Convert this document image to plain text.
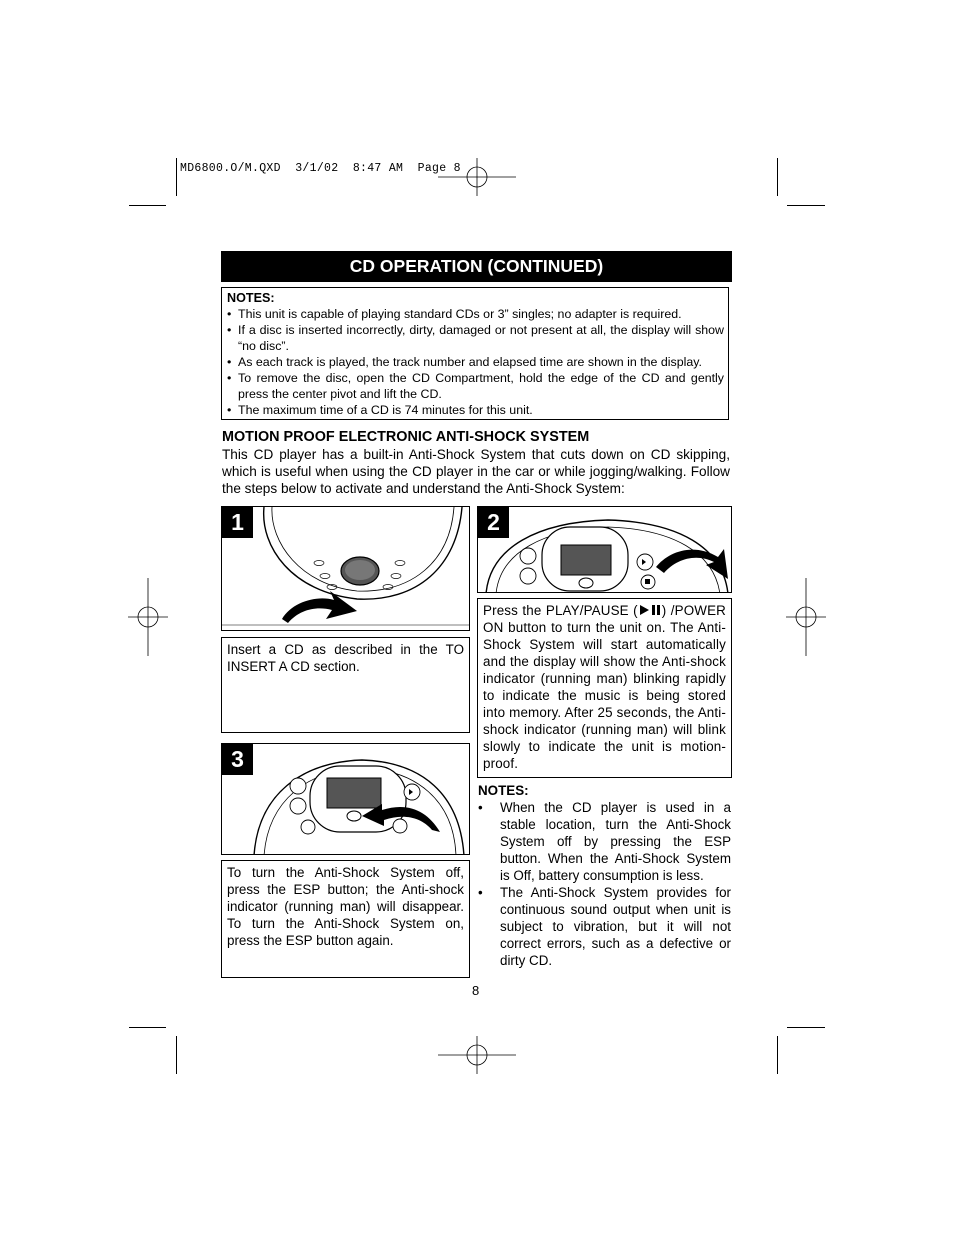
MD6800.O/M.QXD  3/1/02  8:47 AM  Page 8
CD OPERATION (CONTINUED)
NOTES:
• This unit is capable of playing standard CDs or 3” singles; no adapter is required.
• If a disc is inserted incorrectly, dirty, damaged or not present at all, the display will show “no disc”.
• As each track is played, the track number and elapsed time are shown in the display.
• To remove the disc, open the CD Compartment, hold the edge of the CD and gently press the center pivot and lift the CD.
• The maximum time of a CD is 74 minutes for this unit.
MOTION PROOF ELECTRONIC ANTI-SHOCK SYSTEM
This CD player has a built-in Anti-Shock System that cuts down on CD skipping, which is useful when using the CD player in the car or while jogging/walking. Follow the steps below to activate and understand the Anti-Shock System:
1
Insert a CD as described in the TO INSERT A CD section.
2
Press the PLAY/PAUSE ( ) /POWER ON button to turn the unit on. The Anti-Shock System will start automatically and the display will show the Anti-shock indicator (running man) blinking rapidly to indicate the music is being stored into memory. After 25 seconds, the Anti-shock indicator (running man) will blink slowly to indicate the unit is motion-proof.
3
To turn the Anti-Shock System off, press the ESP button; the Anti-shock indicator (running man) will disappear. To turn the Anti-Shock System on, press the ESP button again.
NOTES:
• When the CD player is used in a stable location, turn the Anti-Shock System off by pressing the ESP button. When the Anti-Shock System is Off, battery consumption is less.
• The Anti-Shock System provides for continuous sound output when unit is subject to vibration, but it will not correct errors, such as a defective or dirty CD.
8
